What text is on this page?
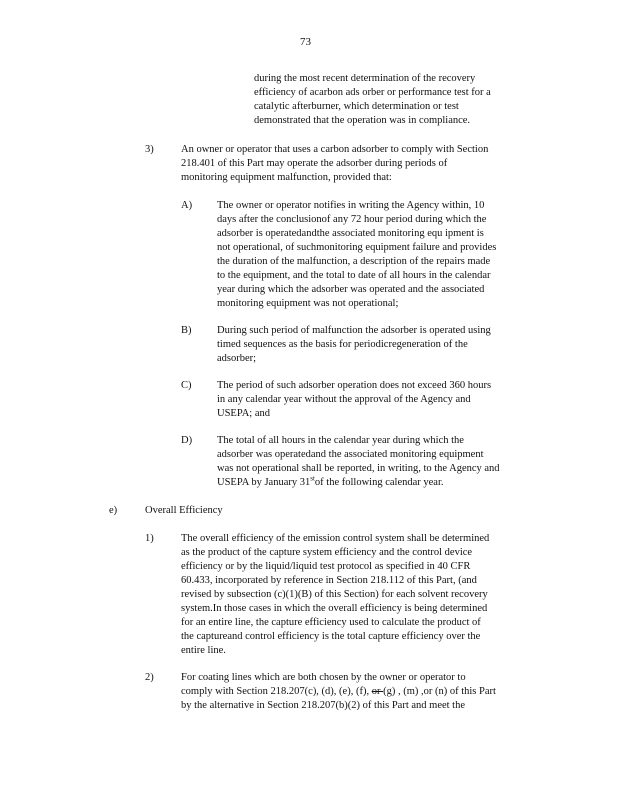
73
during the most recent determination of the recovery
efficiency of acarbon ads orber or performance test for a
catalytic afterburner, which determination or test
demonstrated that the operation was in compliance.
3)	An owner or operator that uses a carbon adsorber to comply with Section
218.401 of this Part may operate the adsorber during periods of
monitoring equipment malfunction, provided that:
A) The owner or operator notifies in writing the Agency within, 10
days after the conclusionof any 72 hour period during which the
adsorber is operatedandthe associated monitoring equ ipment is
not operational, of suchmonitoring equipment failure and provides
the duration of the malfunction, a description of the repairs made
to the equipment, and the total to date of all hours in the calendar
year during which the adsorber was operated and the associated
monitoring equipment was not operational;
B) During such period of malfunction the adsorber is operated using
timed sequences as the basis for periodicregeneration of the
adsorber;
C) The period of such adsorber operation does not exceed 360 hours
in any calendar year without the approval of the Agency and
USEPA; and
D) The total of all hours in the calendar year during which the
adsorber was operatedand the associated monitoring equipment
was not operational shall be reported, in writing, to the Agency and
USEPA by January 31stof the following calendar year.
e)	Overall Efficiency
1)	The overall efficiency of the emission control system shall be determined
as the product of the capture system efficiency and the control device
efficiency or by the liquid/liquid test protocol as specified in 40 CFR
60.433, incorporated by reference in Section 218.112 of this Part, (and
revised by subsection (c)(1)(B) of this Section) for each solvent recovery
system.In those cases in which the overall efficiency is being determined
for an entire line, the capture efficiency used to calculate the product of
the captureand control efficiency is the total capture efficiency over the
entire line.
2)	For coating lines which are both chosen by the owner or operator to
comply with Section 218.207(c), (d), (e), (f), or (g) , (m) ,or (n) of this Part
by the alternative in Section 218.207(b)(2) of this Part and meet the
